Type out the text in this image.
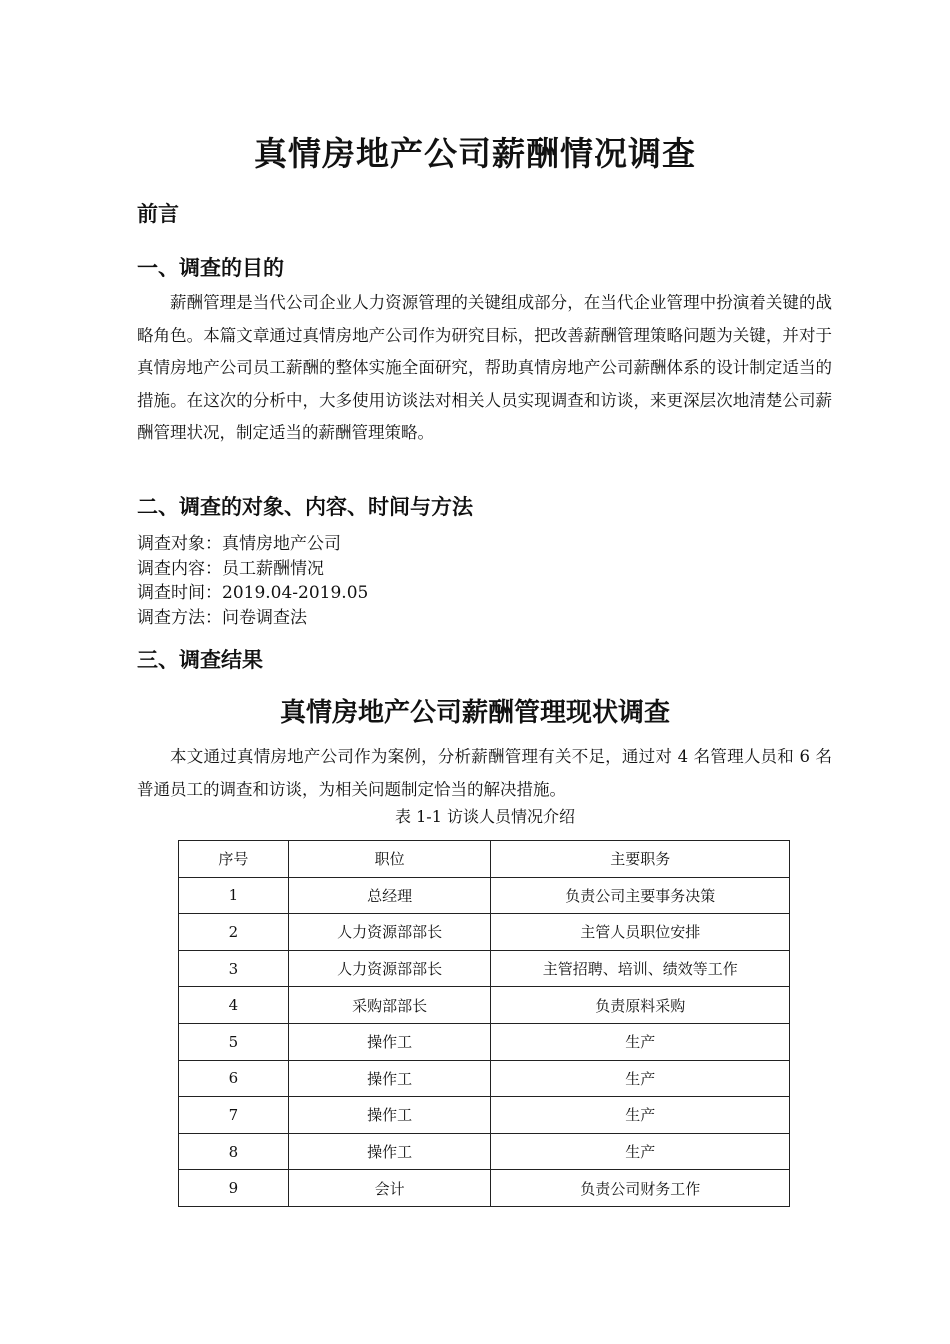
真情房地产公司薪酬情况调查
前言
一、调查的目的

薪酬管理是当代公司企业人力资源管理的关键组成部分，在当代企业管理中扮演着关键的战略角色。本篇文章通过真情房地产公司作为研究目标，把改善薪酬管理策略问题为关键，并对于真情房地产公司员工薪酬的整体实施全面研究，帮助真情房地产公司薪酬体系的设计制定适当的措施。在这次的分析中，大多使用访谈法对相关人员实现调查和访谈，来更深层次地清楚公司薪酬管理状况，制定适当的薪酬管理策略。

二、调查的对象、内容、时间与方法
调查对象：真情房地产公司
调查内容：员工薪酬情况
调查时间：2019.04-2019.05
调查方法：问卷调查法
三、调查结果
真情房地产公司薪酬管理现状调查

本文通过真情房地产公司作为案例，分析薪酬管理有关不足，通过对 4 名管理人员和 6 名普通员工的调查和访谈，为相关问题制定恰当的解决措施。

表 1-1 访谈人员情况介绍
序号	职位	主要职务
1	总经理	负责公司主要事务决策
2	人力资源部部长	主管人员职位安排
3	人力资源部部长	主管招聘、培训、绩效等工作
4	采购部部长	负责原料采购
5	操作工	生产
6	操作工	生产
7	操作工	生产
8	操作工	生产
9	会计	负责公司财务工作
